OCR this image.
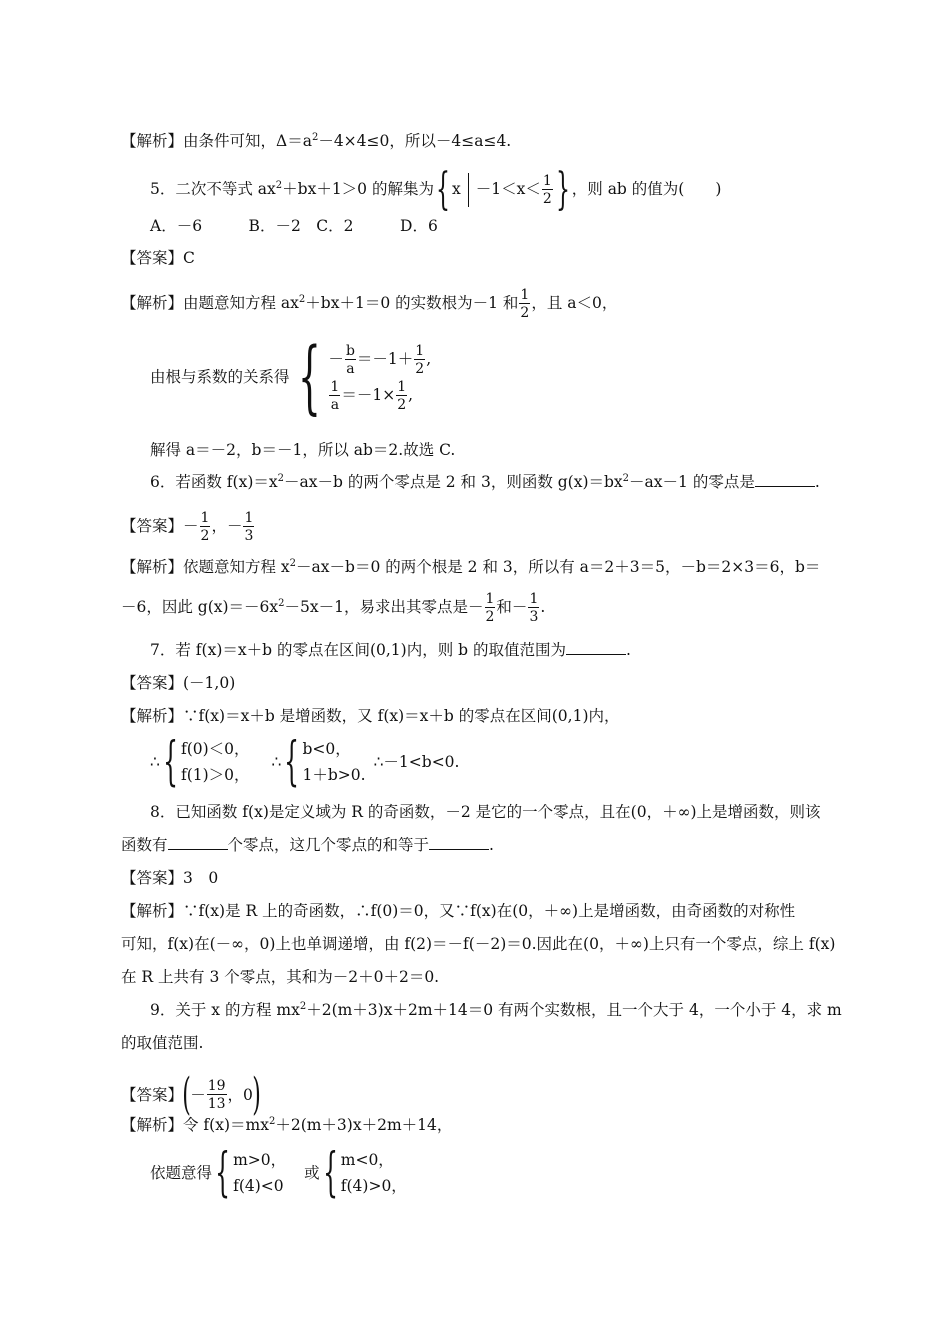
【解析】由条件可知，$\Delta=a^2-4\times 4\le 0$，所以－4≤a≤4.
5．二次不等式 $ax^2+bx+1>0$ 的解集为{ $x -1<x< \frac{1}{2}$ } ，则 ab 的值为(　　)
A．－6　　　B．－2　C．2　　　D．6
【答案】C
【解析】由题意知方程 $ax^2+bx+1=0$ 的实数根为－1 和 $\frac{1}{2}$ ，且 a＜0，
由根与系数的关系得{ － $\frac{b}{a} =-1+ \frac{1}{2}$ ,
$\frac{1}{a} =-1\times \frac{1}{2}$ ,
解得 a＝－2，b＝－1，所以 ab＝2.故选 C.
6．若函数 $f(x)=x^2-ax-b$ 的两个零点是 2 和 3，则函数 $g(x)=bx^2-ax-1$ 的零点是	.
【答案】－ $\frac{1}{2}$ ，－ $\frac{1}{3}$
【解析】依题意知方程 $x^2-ax-b=0$ 的两个根是 2 和 3，所以有 a＝2＋3＝5，－b＝2×3＝6，b＝
－6，因此 $g(x)=-6x^2-5x-1$，易求出其零点是－ $\frac{1}{2}$ 和－ $\frac{1}{3}$ .
7．若 f(x)＝x＋b 的零点在区间(0,1)内，则 b 的取值范围为	.
【答案】(－1,0)
【解析】∵f(x)＝x＋b 是增函数，又 f(x)＝x＋b 的零点在区间(0,1)内，
∴{ f(0)＜0，
f(1)＞0，
∴{ b<0，
1＋b>0.
∴－1<b<0.
8．已知函数 f(x)是定义域为 R 的奇函数，－2 是它的一个零点，且在(0，＋∞)上是增函数，则该
函数有	个零点，这几个零点的和等于	.
【答案】3　0
【解析】∵f(x)是 R 上的奇函数，∴f(0)＝0，又∵f(x)在(0，＋∞)上是增函数，由奇函数的对称性
可知，f(x)在(－∞，0)上也单调递增，由 f(2)＝－f(－2)＝0.因此在(0，＋∞)上只有一个零点，综上 f(x)
在 R 上共有 3 个零点，其和为－2＋0＋2＝0.
9．关于 x 的方程 $mx^2+2(m+3)x+2m+14=0$ 有两个实数根，且一个大于 4，一个小于 4，求 m
的取值范围.
【答案】(－ $\frac{19}{13}$ ，0)
【解析】令 $f(x)=mx^2+2(m+3)x+2m+14$，
依题意得{ m>0，
f(4)<0
或{ m<0，
f(4)>0，
